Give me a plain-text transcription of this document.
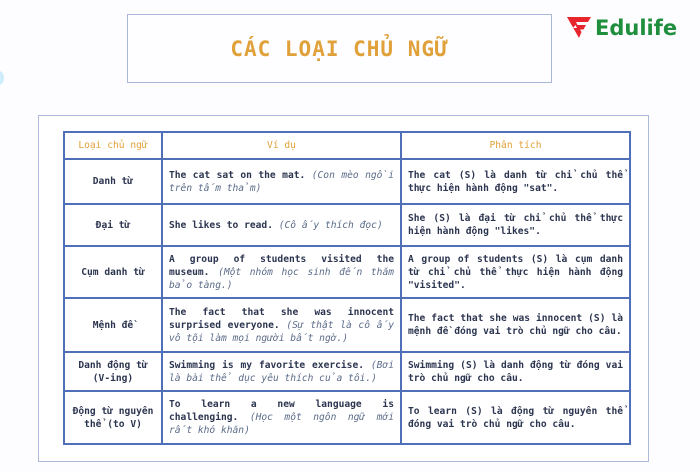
CÁC LOẠI CHỦ NGỮ
Edulife
Loại chủ ngữ	Ví dụ	Phân tích
Danh từ	The cat sat on the mat. (Con mèo ngồi trên tấm thảm)	The cat (S) là danh từ chỉ chủ thể thực hiện hành động "sat".
Đại từ	She likes to read. (Cô ấy thích đọc)	She (S) là đại từ chỉ chủ thể thực hiện hành động "likes".
Cụm danh từ	A group of students visited the museum. (Một nhóm học sinh đến thăm bảo tàng.)	A group of students (S) là cụm danh từ chỉ chủ thể thực hiện hành động "visited".
Mệnh đề	The fact that she was innocent surprised everyone. (Sự thật là cô ấy vô tội làm mọi người bất ngờ.)	The fact that she was innocent (S) là mệnh đề đóng vai trò chủ ngữ cho câu.
Danh động từ (V-ing)	Swimming is my favorite exercise. (Bơi là bài thể dục yêu thích của tôi.)	Swimming (S) là danh động từ đóng vai trò chủ ngữ cho câu.
Động từ nguyên thể (to V)	To learn a new language is challenging. (Học một ngôn ngữ mới rất khó khăn)	To learn (S) là động từ nguyên thể đóng vai trò chủ ngữ cho câu.
